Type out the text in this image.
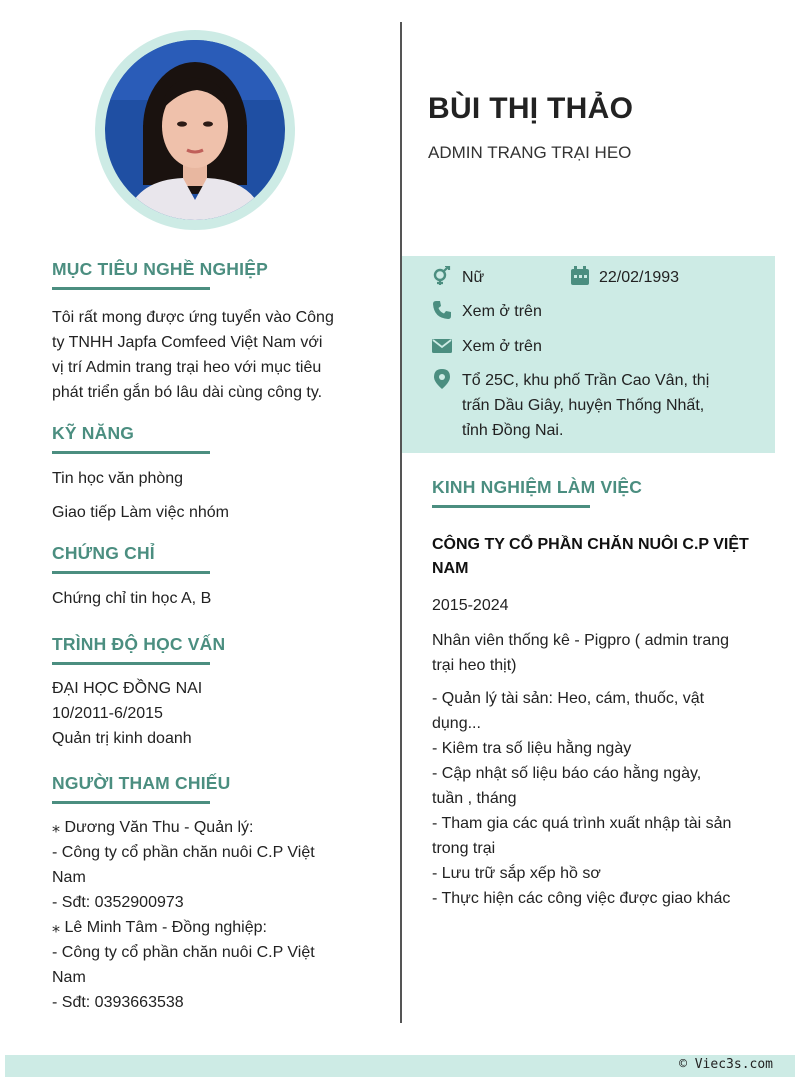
BÙI THỊ THẢO
ADMIN TRANG TRẠI HEO
Nữ	22/02/1993
Xem ở trên
Xem ở trên
Tổ 25C, khu phố Trần Cao Vân, thị
trấn Dầu Giây, huyện Thống Nhất,
tỉnh Đồng Nai.
MỤC TIÊU NGHỀ NGHIỆP

Tôi rất mong được ứng tuyển vào Công

ty TNHH Japfa Comfeed Việt Nam với

vị trí Admin trang trại heo với mục tiêu

phát triển gắn bó lâu dài cùng công ty.

KỸ NĂNG
Tin học văn phòng
Giao tiếp Làm việc nhóm
CHỨNG CHỈ
Chứng chỉ tin học A, B
TRÌNH ĐỘ HỌC VẤN
ĐẠI HỌC ĐỒNG NAI
10/2011-6/2015
Quản trị kinh doanh
NGƯỜI THAM CHIẾU

⁎ Dương Văn Thu - Quản lý:

- Công ty cổ phần chăn nuôi C.P Việt

Nam

- Sđt: 0352900973

⁎ Lê Minh Tâm - Đồng nghiệp:

- Công ty cổ phần chăn nuôi C.P Việt

Nam

- Sđt: 0393663538

KINH NGHIỆM LÀM VIỆC
CÔNG TY CỔ PHẦN CHĂN NUÔI C.P VIỆT
NAM
2015-2024
Nhân viên thống kê - Pigpro ( admin trang
trại heo thịt)
- Quản lý tài sản: Heo, cám, thuốc, vật
dụng...
- Kiêm tra số liệu hằng ngày
- Cập nhật số liệu báo cáo hằng ngày,
tuần , tháng
- Tham gia các quá trình xuất nhập tài sản
trong trại
- Lưu trữ sắp xếp hồ sơ
- Thực hiện các công việc được giao khác
© Viec3s.com
